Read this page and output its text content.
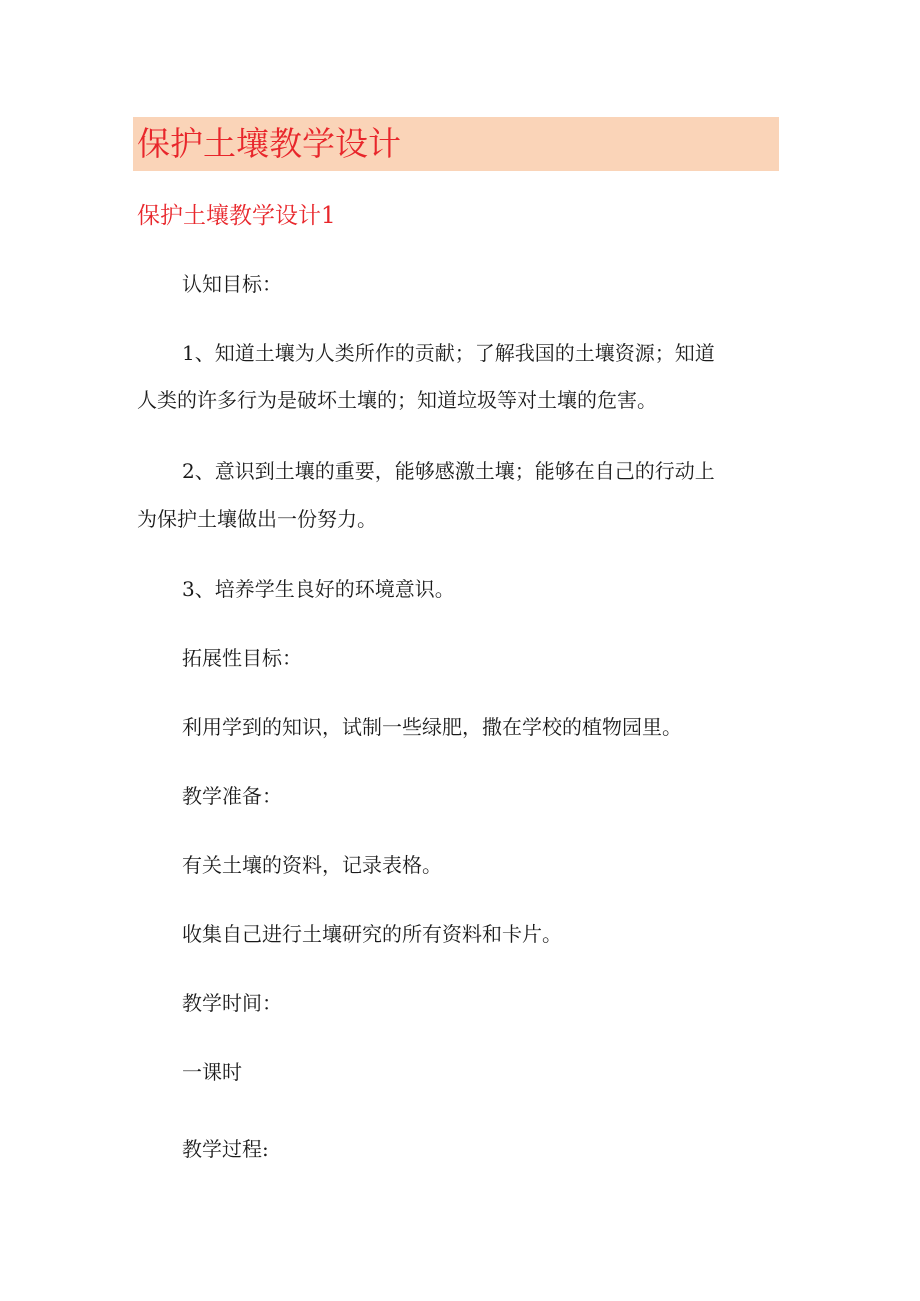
保护土壤教学设计
保护土壤教学设计1

认知目标：

1、知道土壤为人类所作的贡献；了解我国的土壤资源；知道

人类的许多行为是破坏土壤的；知道垃圾等对土壤的危害。

2、意识到土壤的重要，能够感激土壤；能够在自己的行动上

为保护土壤做出一份努力。

3、培养学生良好的环境意识。

拓展性目标：

利用学到的知识，试制一些绿肥，撒在学校的植物园里。

教学准备：

有关土壤的资料，记录表格。

收集自己进行土壤研究的所有资料和卡片。

教学时间：

一课时

教学过程:
